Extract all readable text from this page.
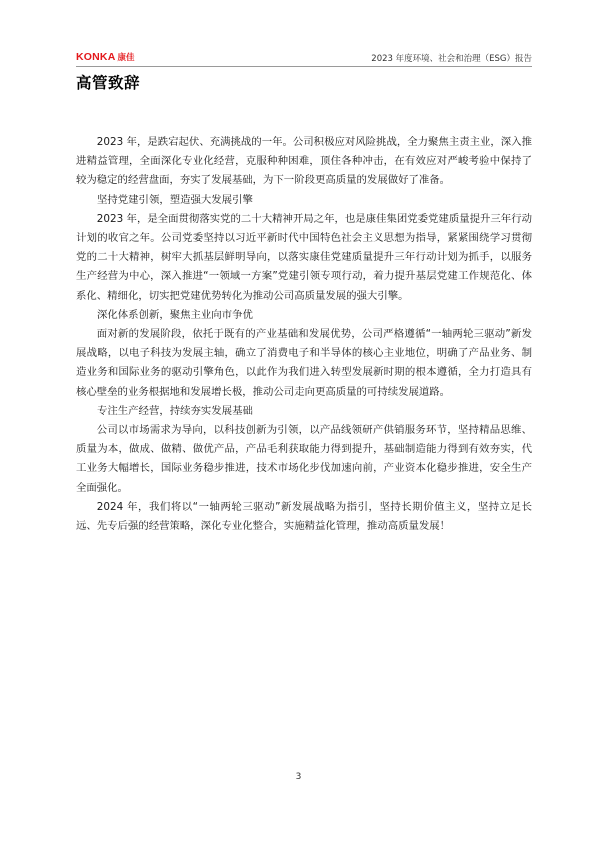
KONKA 康佳	2023 年度环境、社会和治理（ESG）报告
高管致辞

2023 年，是跌宕起伏、充满挑战的一年。公司积极应对风险挑战，全力聚焦主责主业，深入推进精益管理，全面深化专业化经营，克服种种困难，顶住各种冲击，在有效应对严峻考验中保持了较为稳定的经营盘面，夯实了发展基础，为下一阶段更高质量的发展做好了准备。

坚持党建引领，塑造强大发展引擎

2023 年，是全面贯彻落实党的二十大精神开局之年，也是康佳集团党委党建质量提升三年行动计划的收官之年。公司党委坚持以习近平新时代中国特色社会主义思想为指导，紧紧围绕学习贯彻党的二十大精神，树牢大抓基层鲜明导向，以落实康佳党建质量提升三年行动计划为抓手，以服务生产经营为中心，深入推进“一领域一方案”党建引领专项行动，着力提升基层党建工作规范化、体系化、精细化，切实把党建优势转化为推动公司高质量发展的强大引擎。

深化体系创新，聚焦主业向市争优

面对新的发展阶段，依托于既有的产业基础和发展优势，公司严格遵循“一轴两轮三驱动”新发展战略，以电子科技为发展主轴，确立了消费电子和半导体的核心主业地位，明确了产品业务、制造业务和国际业务的驱动引擎角色，以此作为我们进入转型发展新时期的根本遵循，全力打造具有核心壁垒的业务根据地和发展增长极，推动公司走向更高质量的可持续发展道路。

专注生产经营，持续夯实发展基础

公司以市场需求为导向，以科技创新为引领，以产品线领研产供销服务环节，坚持精品思维、质量为本，做成、做精、做优产品，产品毛利获取能力得到提升，基础制造能力得到有效夯实，代工业务大幅增长，国际业务稳步推进，技术市场化步伐加速向前，产业资本化稳步推进，安全生产全面强化。

2024 年，我们将以“一轴两轮三驱动”新发展战略为指引，坚持长期价值主义，坚持立足长远、先专后强的经营策略，深化专业化整合，实施精益化管理，推动高质量发展！

3
